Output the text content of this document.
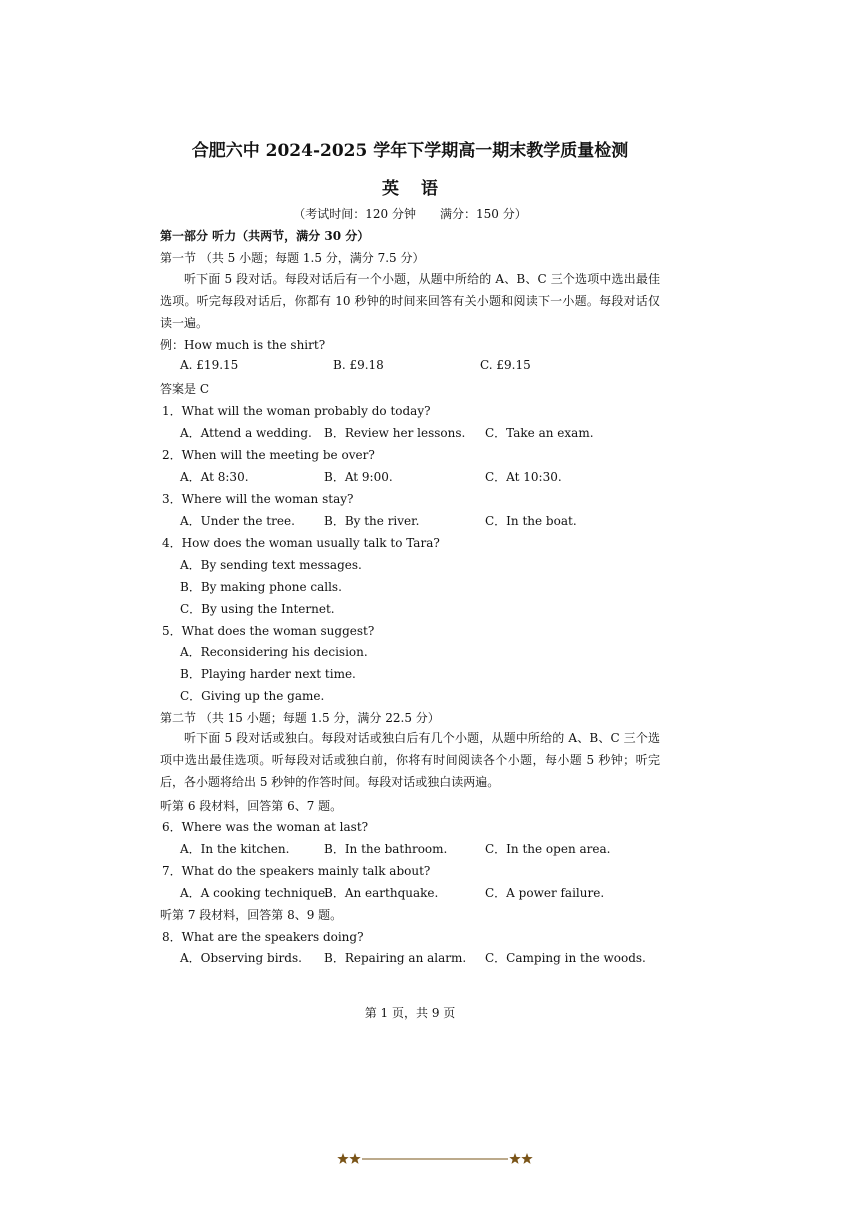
合肥六中 2024-2025 学年下学期高一期末教学质量检测
英语
（考试时间：120 分钟　　满分：150 分）
第一部分 听力（共两节，满分 30 分）
第一节 （共 5 小题；每题 1.5 分，满分 7.5 分）
听下面 5 段对话。每段对话后有一个小题，从题中所给的 A、B、C 三个选项中选出最佳选项。听完每段对话后，你都有 10 秒钟的时间来回答有关小题和阅读下一小题。每段对话仅读一遍。
例：How much is the shirt?
A. £19.15	B. £9.18	C. £9.15
答案是 C
1．What will the woman probably do today?
A．Attend a wedding. B．Review her lessons. C．Take an exam.
2．When will the meeting be over?
A．At 8:30.	B．At 9:00.	C．At 10:30.
3．Where will the woman stay?
A．Under the tree. B．By the river.	C．In the boat.
4．How does the woman usually talk to Tara?
A．By sending text messages.
B．By making phone calls.
C．By using the Internet.
5．What does the woman suggest?
A．Reconsidering his decision.
B．Playing harder next time.
C．Giving up the game.
第二节 （共 15 小题；每题 1.5 分，满分 22.5 分）
听下面 5 段对话或独白。每段对话或独白后有几个小题，从题中所给的 A、B、C 三个选项中选出最佳选项。听每段对话或独白前，你将有时间阅读各个小题，每小题 5 秒钟；听完后，各小题将给出 5 秒钟的作答时间。每段对话或独白读两遍。
听第 6 段材料，回答第 6、7 题。
6．Where was the woman at last?
A．In the kitchen.	B．In the bathroom.	C．In the open area.
7．What do the speakers mainly talk about?
A．A cooking technique.
B．An earthquake.	C．A power failure.
听第 7 段材料，回答第 8、9 题。
8．What are the speakers doing?
A．Observing birds. B．Repairing an alarm. C．Camping in the woods.
第 1 页，共 9 页
